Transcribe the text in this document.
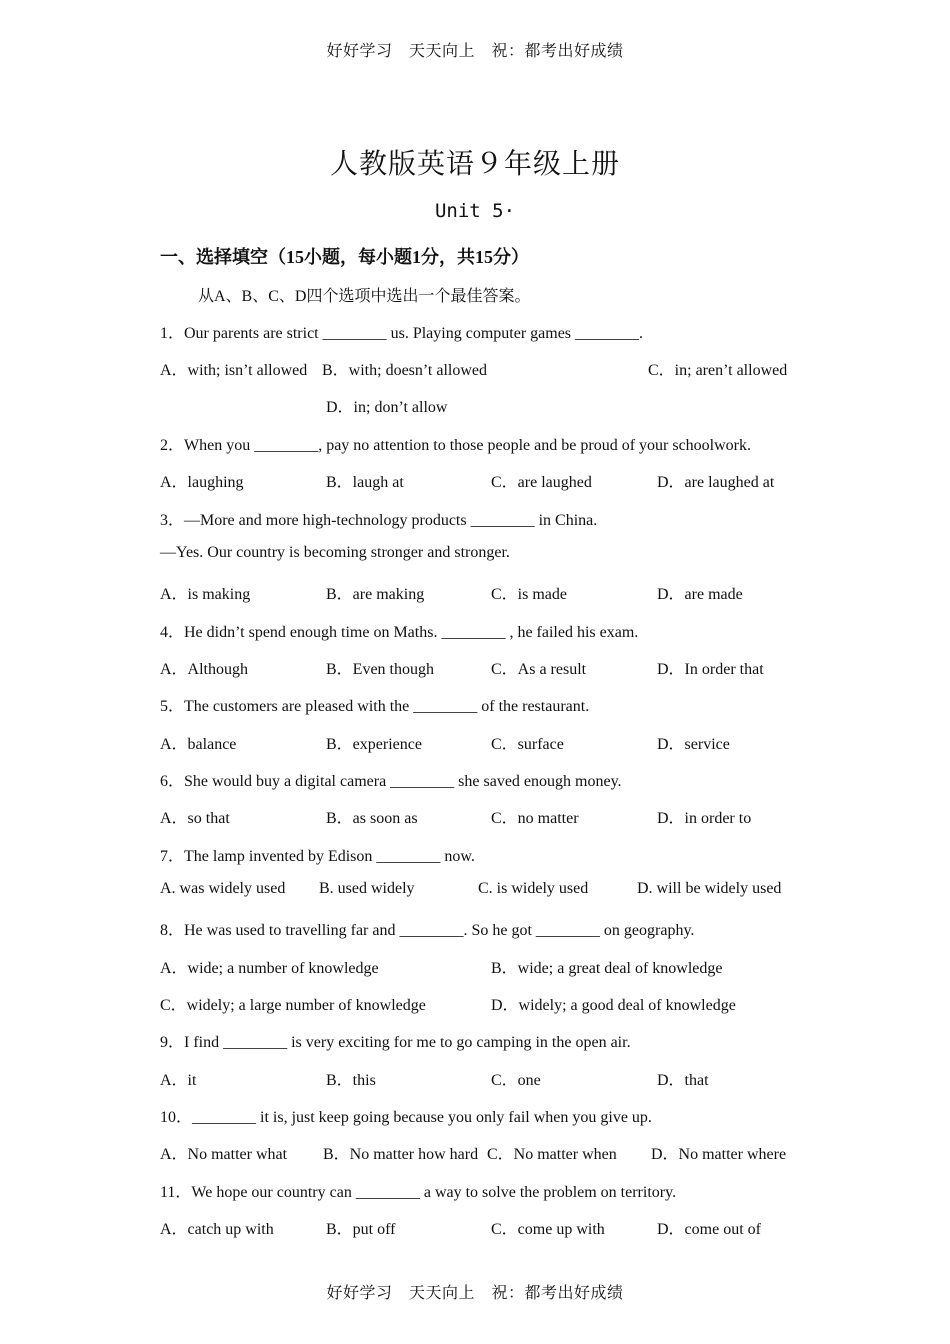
好好学习　天天向上　祝：都考出好成绩
人教版英语９年级上册
Unit 5·
一、选择填空（15小题，每小题1分，共15分）
从A、B、C、D四个选项中选出一个最佳答案。
1．Our parents are strict ________ us. Playing computer games ________.
A．with; isn’t allowed B．with; doesn’t allowed	C．in; aren’t allowed
D．in; don’t allow
2．When you ________, pay no attention to those people and be proud of your schoolwork.
A．laughing	B．laugh at	C．are laughed	D．are laughed at
3．—More and more high-technology products ________ in China.
—Yes. Our country is becoming stronger and stronger.
A．is making	B．are making	C．is made	D．are made
4．He didn’t spend enough time on Maths. ________ , he failed his exam.
A．Although	B．Even though	C．As a result	D．In order that
5．The customers are pleased with the ________ of the restaurant.
A．balance	B．experience	C．surface	D．service
6．She would buy a digital camera ________ she saved enough money.
A．so that	B．as soon as	C．no matter	D．in order to
7．The lamp invented by Edison ________ now.
A. was widely used B. used widely	C. is widely used	D. will be widely used
8．He was used to travelling far and ________. So he got ________ on geography.
A．wide; a number of knowledge	B．wide; a great deal of knowledge
C．widely; a large number of knowledge	D．widely; a good deal of knowledge
9．I find ________ is very exciting for me to go camping in the open air.
A．it	B．this	C．one	D．that
10．________ it is, just keep going because you only fail when you give up.
A．No matter what B．No matter how hard C．No matter when D．No matter where
11．We hope our country can ________ a way to solve the problem on territory.
A．catch up with	B．put off	C．come up with	D．come out of
好好学习　天天向上　祝：都考出好成绩
